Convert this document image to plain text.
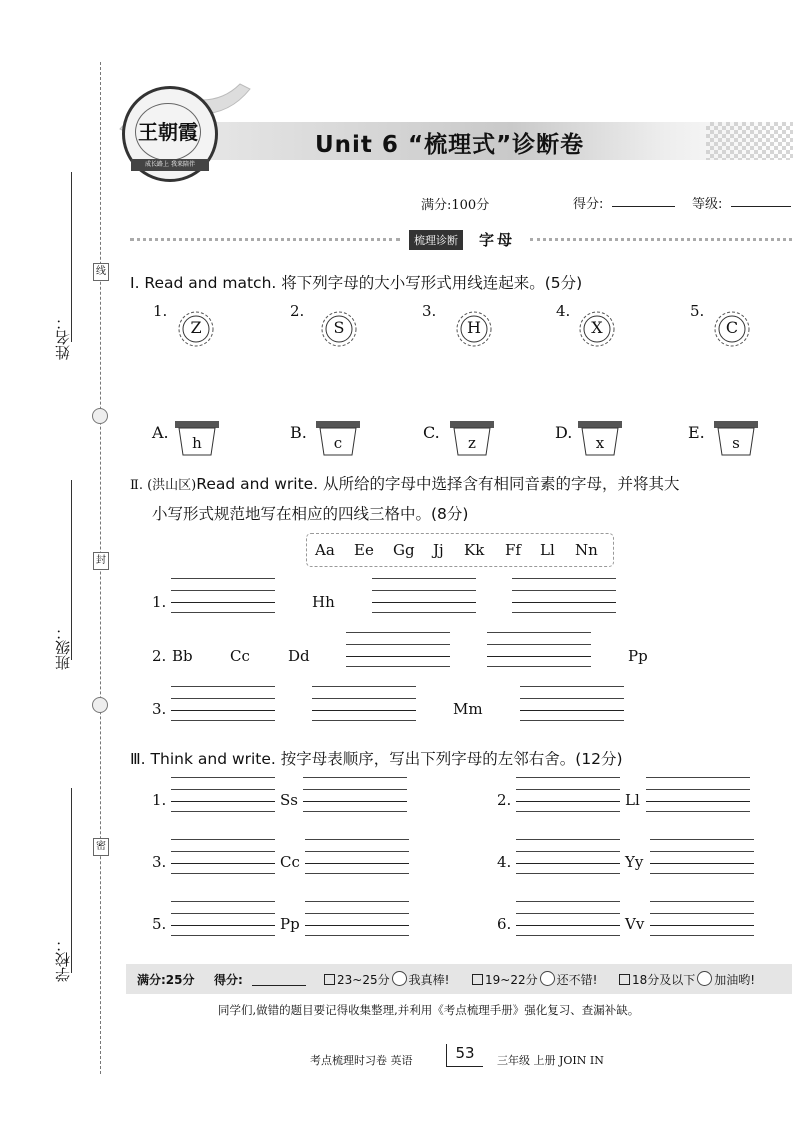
姓名：
班级：
学校：
线
封
密
王朝霞
成长路上 我来陪伴
Unit 6 “梳理式”诊断卷
满分:100分	得分:	等级:
梳理诊断	字母
Ⅰ. Read and match. 将下列字母的大小写形式用线连起来。(5分)
1.	2.	3.	4.	5.
Z	S	H	X	C
A.	B.	C.	D.	E.
h	c	z	x	s
Ⅱ. (洪山区)Read and write. 从所给的字母中选择含有相同音素的字母，并将其大
小写形式规范地写在相应的四线三格中。(8分)
Aa Ee Gg Jj Kk Ff Ll Nn
1.	Hh
2. Bb Cc	Dd	Pp
3.	Mm
Ⅲ. Think and write. 按字母表顺序，写出下列字母的左邻右舍。(12分)
1.	Ss	2.	Ll
3.	Cc	4.	Yy
5.	Pp	6.	Vv
满分:25分 得分:	23~25分 我真棒!	19~22分 还不错!	18分及以下 加油哟!
同学们,做错的题目要记得收集整理,并利用《考点梳理手册》强化复习、查漏补缺。
考点梳理时习卷 英语	53	三年级 上册 JOIN IN
